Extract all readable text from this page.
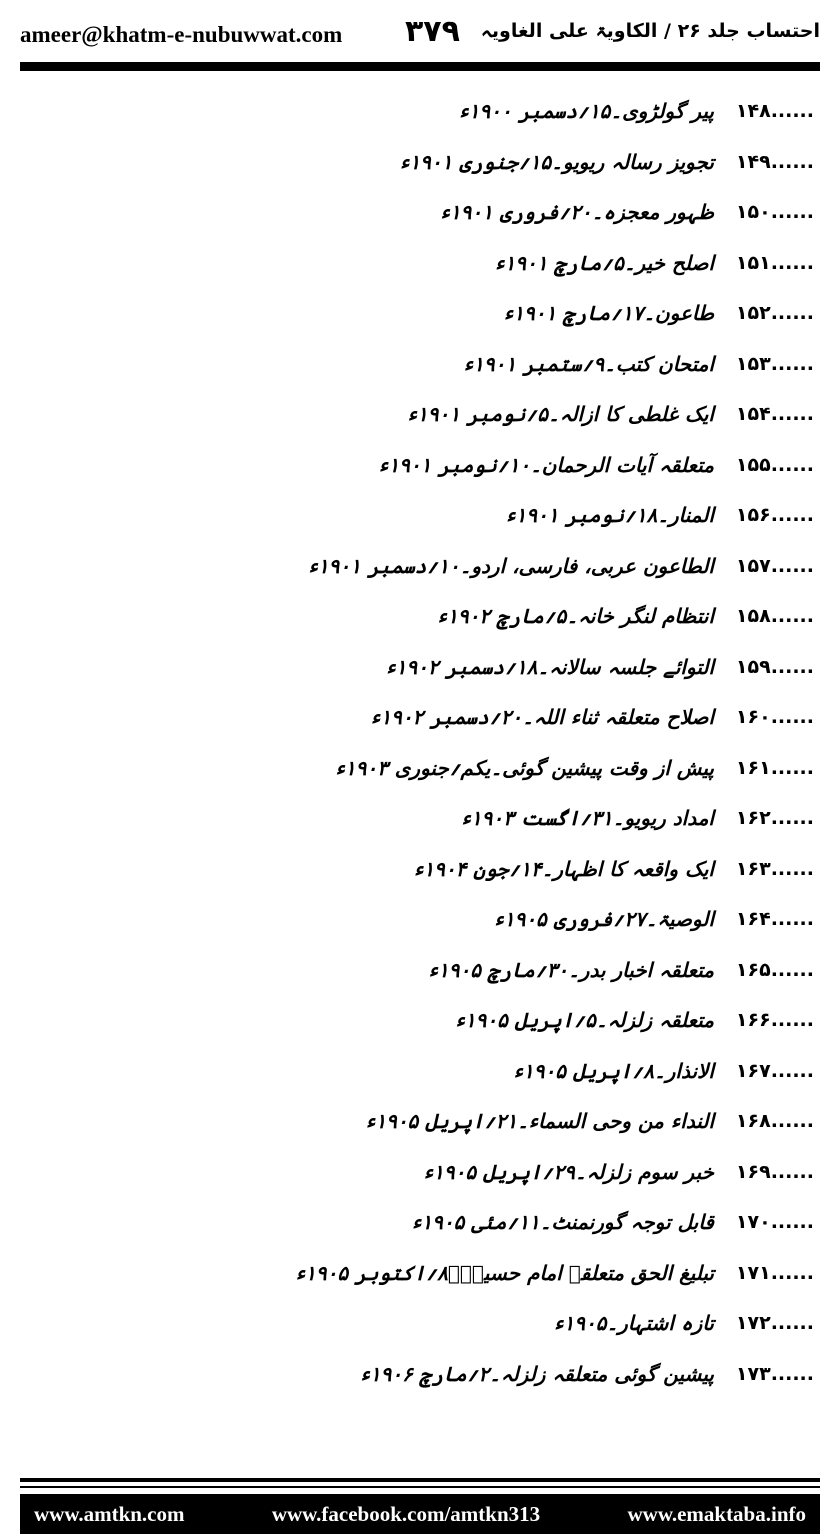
ameer@khatm-e-nubuwwat.com ۳۷۹ احتساب جلد ۲۶ / الکاویۃ علی الغاویہ
......۱۴۸
پیر گولڑوی۔۱۵؍دسمبر ۱۹۰۰ء
......۱۴۹
تجویز رسالہ ریویو۔۱۵؍جنوری ۱۹۰۱ء
......۱۵۰
ظہور معجزہ۔۲۰؍فروری ۱۹۰۱ء
......۱۵۱
اصلح خیر۔۵؍مارچ ۱۹۰۱ء
......۱۵۲
طاعون۔۱۷؍مارچ ۱۹۰۱ء
......۱۵۳
امتحان کتب۔۹؍ستمبر ۱۹۰۱ء
......۱۵۴
ایک غلطی کا ازالہ۔۵؍نومبر ۱۹۰۱ء
......۱۵۵
متعلقہ آیات الرحمان۔۱۰؍نومبر ۱۹۰۱ء
......۱۵۶
المنار۔۱۸؍نومبر ۱۹۰۱ء
......۱۵۷
الطاعون عربی، فارسی، اردو۔۱۰؍دسمبر ۱۹۰۱ء
......۱۵۸
انتظام لنگر خانہ۔۵؍مارچ ۱۹۰۲ء
......۱۵۹
التوائے جلسہ سالانہ۔۱۸؍دسمبر ۱۹۰۲ء
......۱۶۰
اصلاح متعلقہ ثناء اللہ۔۲۰؍دسمبر ۱۹۰۲ء
......۱۶۱
پیش از وقت پیشین گوئی۔یکم؍جنوری ۱۹۰۳ء
......۱۶۲
امداد ریویو۔۳۱؍اگست ۱۹۰۳ء
......۱۶۳
ایک واقعہ کا اظہار۔۱۴؍جون ۱۹۰۴ء
......۱۶۴
الوصیۃ۔۲۷؍فروری ۱۹۰۵ء
......۱۶۵
متعلقہ اخبار بدر۔۳۰؍مارچ ۱۹۰۵ء
......۱۶۶
متعلقہ زلزلہ۔۵؍اپریل ۱۹۰۵ء
......۱۶۷
الانذار۔۸؍اپریل ۱۹۰۵ء
......۱۶۸
النداء من وحی السماء۔۲۱؍اپریل ۱۹۰۵ء
......۱۶۹
خبر سوم زلزلہ۔۲۹؍اپریل ۱۹۰۵ء
......۱۷۰
قابل توجہ گورنمنٹ۔۱۱؍مئی ۱۹۰۵ء
......۱۷۱
تبلیغ الحق متعلقہ امام حسینؓ۔۸؍اکتوبر ۱۹۰۵ء
......۱۷۲
تازہ اشتہار۔۱۹۰۵ء
......۱۷۳
پیشین گوئی متعلقہ زلزلہ۔۲؍مارچ ۱۹۰۶ء
www.amtkn.com	www.facebook.com/amtkn313	www.emaktaba.info
